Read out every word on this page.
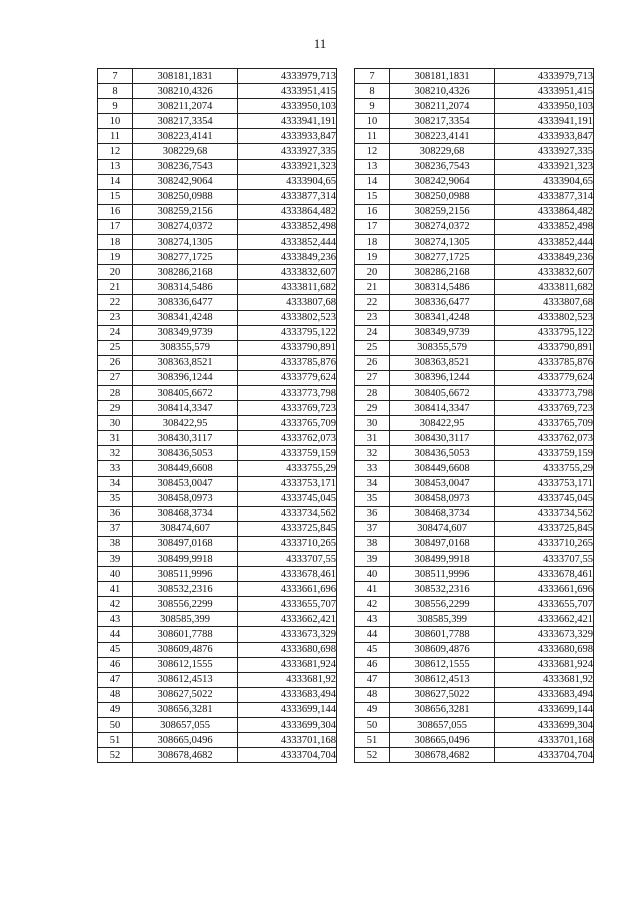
11
7	308181,1831	4333979,713
8	308210,4326	4333951,415
9	308211,2074	4333950,103
10	308217,3354	4333941,191
11	308223,4141	4333933,847
12	308229,68	4333927,335
13	308236,7543	4333921,323
14	308242,9064	4333904,65
15	308250,0988	4333877,314
16	308259,2156	4333864,482
17	308274,0372	4333852,498
18	308274,1305	4333852,444
19	308277,1725	4333849,236
20	308286,2168	4333832,607
21	308314,5486	4333811,682
22	308336,6477	4333807,68
23	308341,4248	4333802,523
24	308349,9739	4333795,122
25	308355,579	4333790,891
26	308363,8521	4333785,876
27	308396,1244	4333779,624
28	308405,6672	4333773,798
29	308414,3347	4333769,723
30	308422,95	4333765,709
31	308430,3117	4333762,073
32	308436,5053	4333759,159
33	308449,6608	4333755,29
34	308453,0047	4333753,171
35	308458,0973	4333745,045
36	308468,3734	4333734,562
37	308474,607	4333725,845
38	308497,0168	4333710,265
39	308499,9918	4333707,55
40	308511,9996	4333678,461
41	308532,2316	4333661,696
42	308556,2299	4333655,707
43	308585,399	4333662,421
44	308601,7788	4333673,329
45	308609,4876	4333680,698
46	308612,1555	4333681,924
47	308612,4513	4333681,92
48	308627,5022	4333683,494
49	308656,3281	4333699,144
50	308657,055	4333699,304
51	308665,0496	4333701,168
52	308678,4682	4333704,704
7	308181,1831	4333979,713
8	308210,4326	4333951,415
9	308211,2074	4333950,103
10	308217,3354	4333941,191
11	308223,4141	4333933,847
12	308229,68	4333927,335
13	308236,7543	4333921,323
14	308242,9064	4333904,65
15	308250,0988	4333877,314
16	308259,2156	4333864,482
17	308274,0372	4333852,498
18	308274,1305	4333852,444
19	308277,1725	4333849,236
20	308286,2168	4333832,607
21	308314,5486	4333811,682
22	308336,6477	4333807,68
23	308341,4248	4333802,523
24	308349,9739	4333795,122
25	308355,579	4333790,891
26	308363,8521	4333785,876
27	308396,1244	4333779,624
28	308405,6672	4333773,798
29	308414,3347	4333769,723
30	308422,95	4333765,709
31	308430,3117	4333762,073
32	308436,5053	4333759,159
33	308449,6608	4333755,29
34	308453,0047	4333753,171
35	308458,0973	4333745,045
36	308468,3734	4333734,562
37	308474,607	4333725,845
38	308497,0168	4333710,265
39	308499,9918	4333707,55
40	308511,9996	4333678,461
41	308532,2316	4333661,696
42	308556,2299	4333655,707
43	308585,399	4333662,421
44	308601,7788	4333673,329
45	308609,4876	4333680,698
46	308612,1555	4333681,924
47	308612,4513	4333681,92
48	308627,5022	4333683,494
49	308656,3281	4333699,144
50	308657,055	4333699,304
51	308665,0496	4333701,168
52	308678,4682	4333704,704
